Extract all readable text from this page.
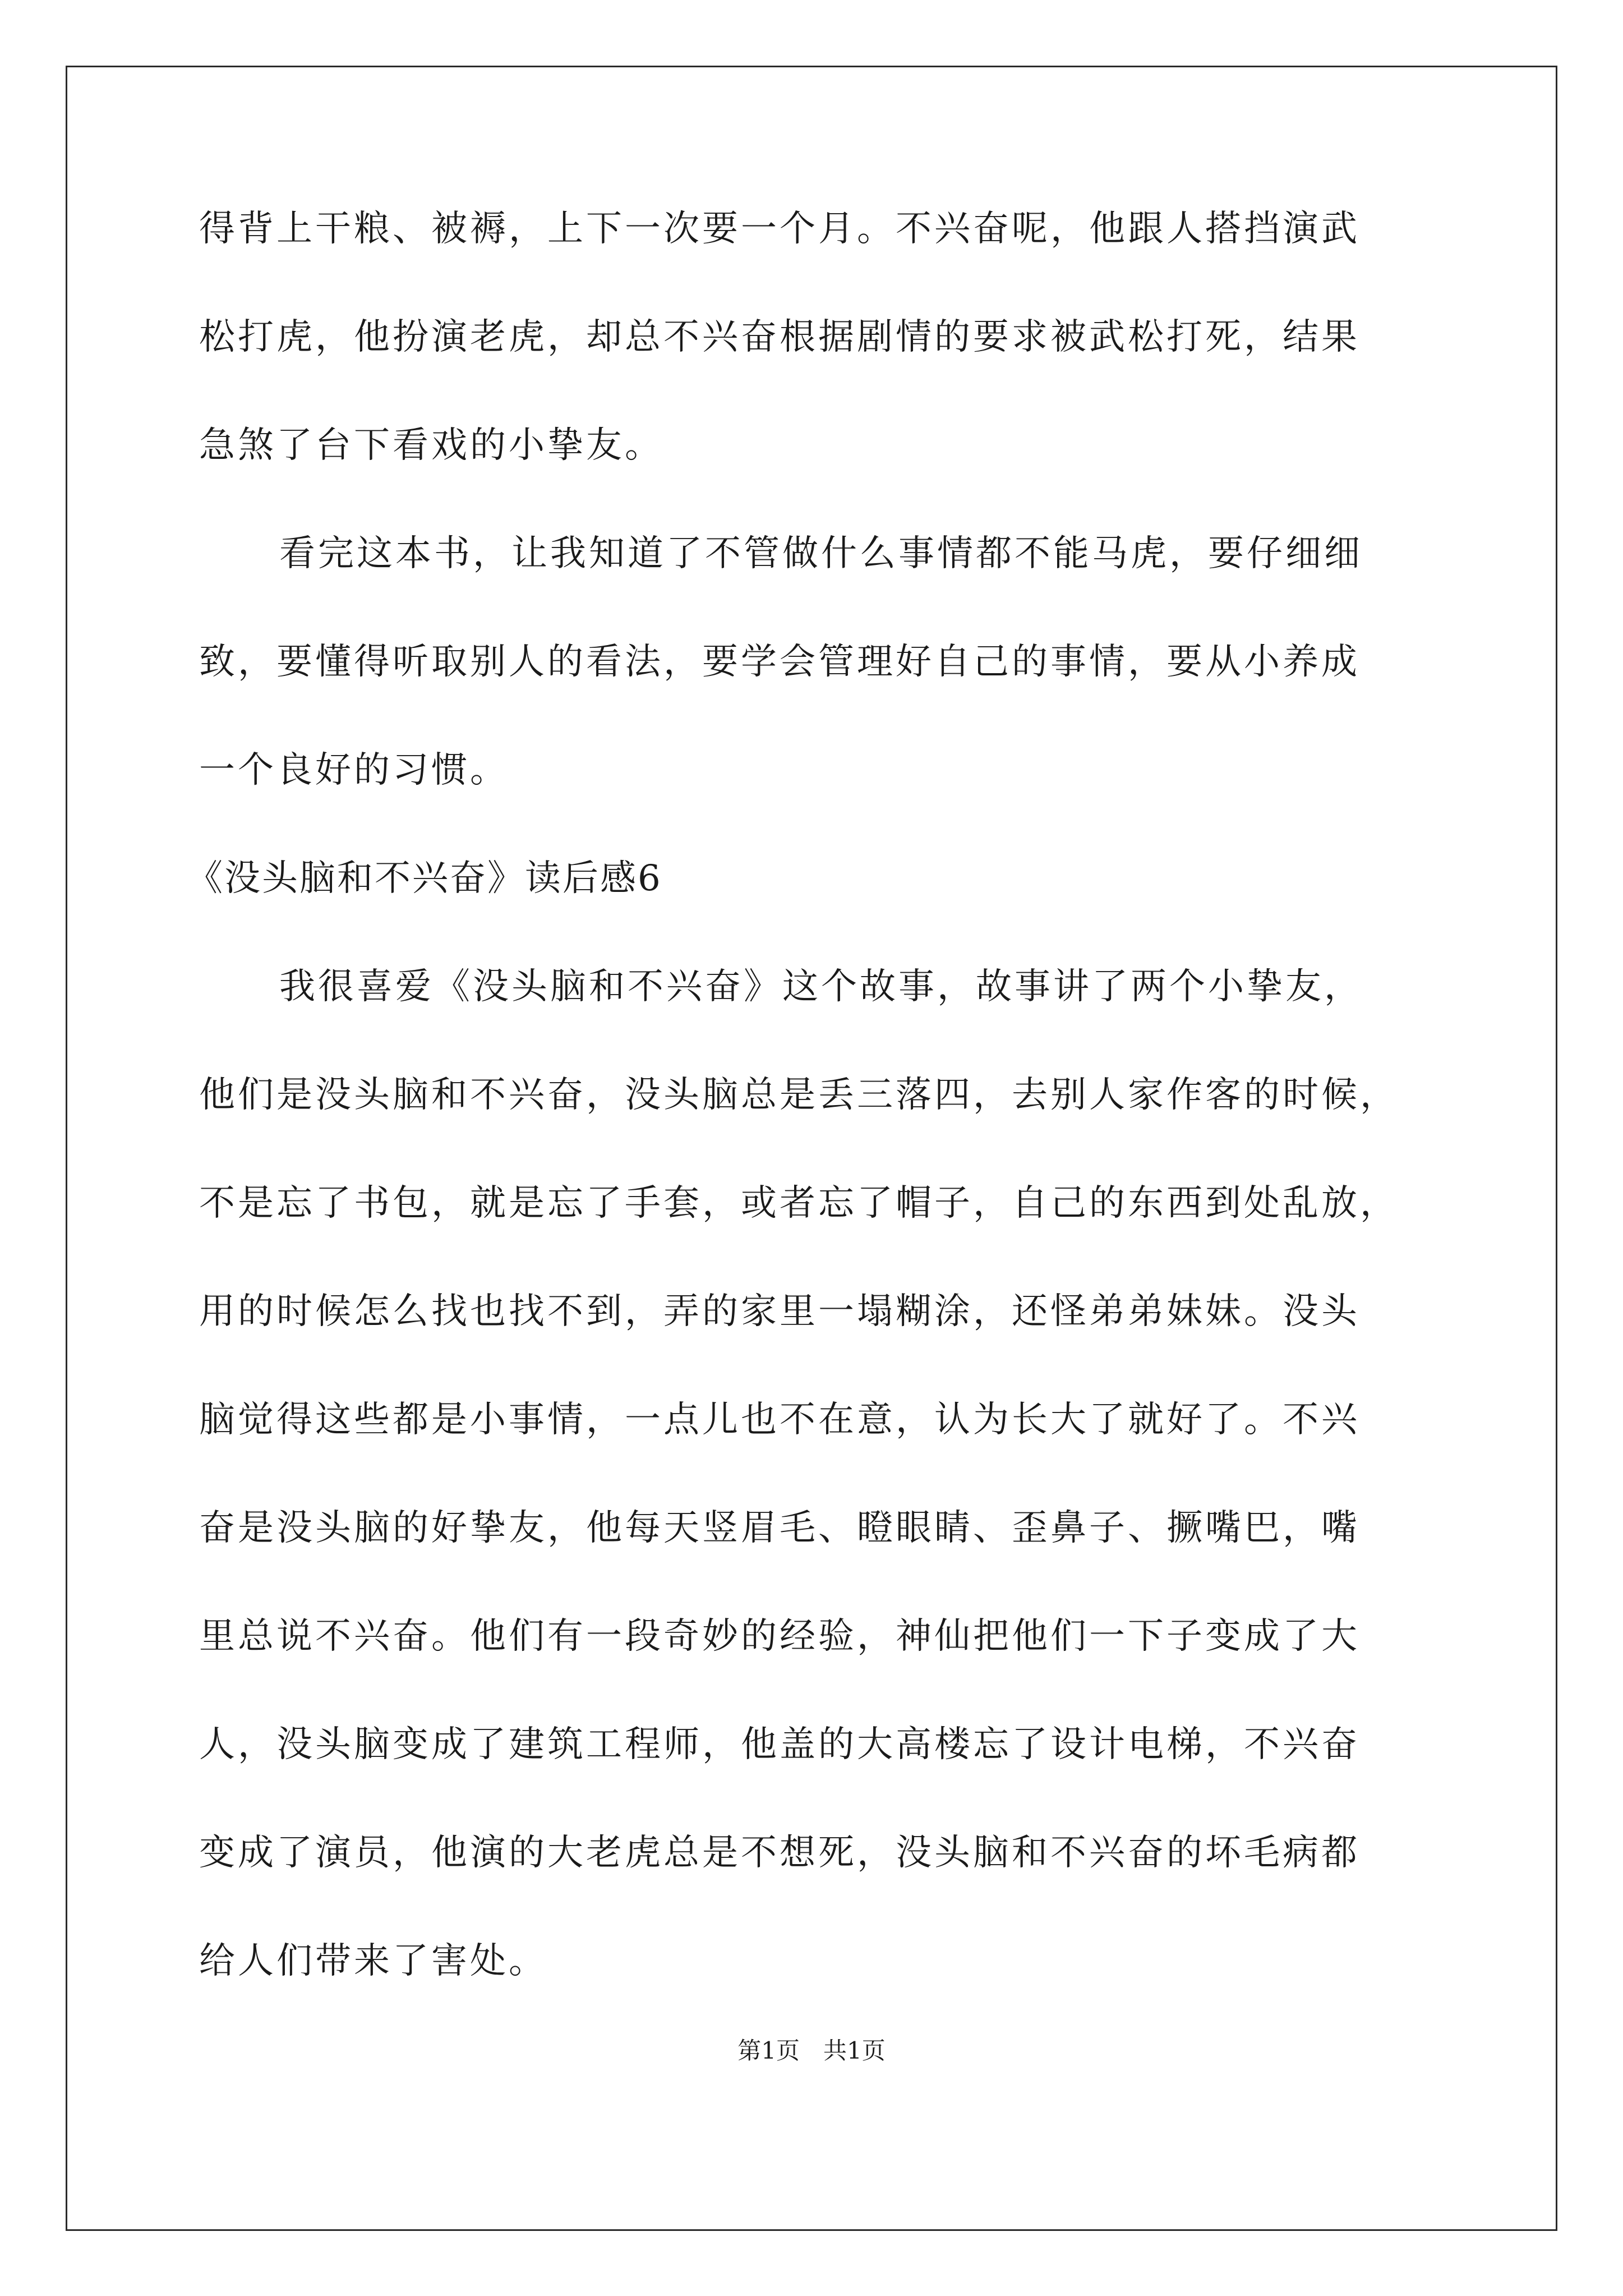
得背上干粮、被褥，上下一次要一个月。不兴奋呢，他跟人搭挡演武
松打虎，他扮演老虎，却总不兴奋根据剧情的要求被武松打死，结果
急煞了台下看戏的小挚友。
看完这本书，让我知道了不管做什么事情都不能马虎，要仔细细
致，要懂得听取别人的看法，要学会管理好自己的事情，要从小养成
一个良好的习惯。
《没头脑和不兴奋》读后感6
我很喜爱《没头脑和不兴奋》这个故事，故事讲了两个小挚友，
他们是没头脑和不兴奋，没头脑总是丢三落四，去别人家作客的时候，
不是忘了书包，就是忘了手套，或者忘了帽子，自己的东西到处乱放，
用的时候怎么找也找不到，弄的家里一塌糊涂，还怪弟弟妹妹。没头
脑觉得这些都是小事情，一点儿也不在意，认为长大了就好了。不兴
奋是没头脑的好挚友，他每天竖眉毛、瞪眼睛、歪鼻子、撅嘴巴，嘴
里总说不兴奋。他们有一段奇妙的经验，神仙把他们一下子变成了大
人，没头脑变成了建筑工程师，他盖的大高楼忘了设计电梯，不兴奋
变成了演员，他演的大老虎总是不想死，没头脑和不兴奋的坏毛病都
给人们带来了害处。
第1页　共1页
